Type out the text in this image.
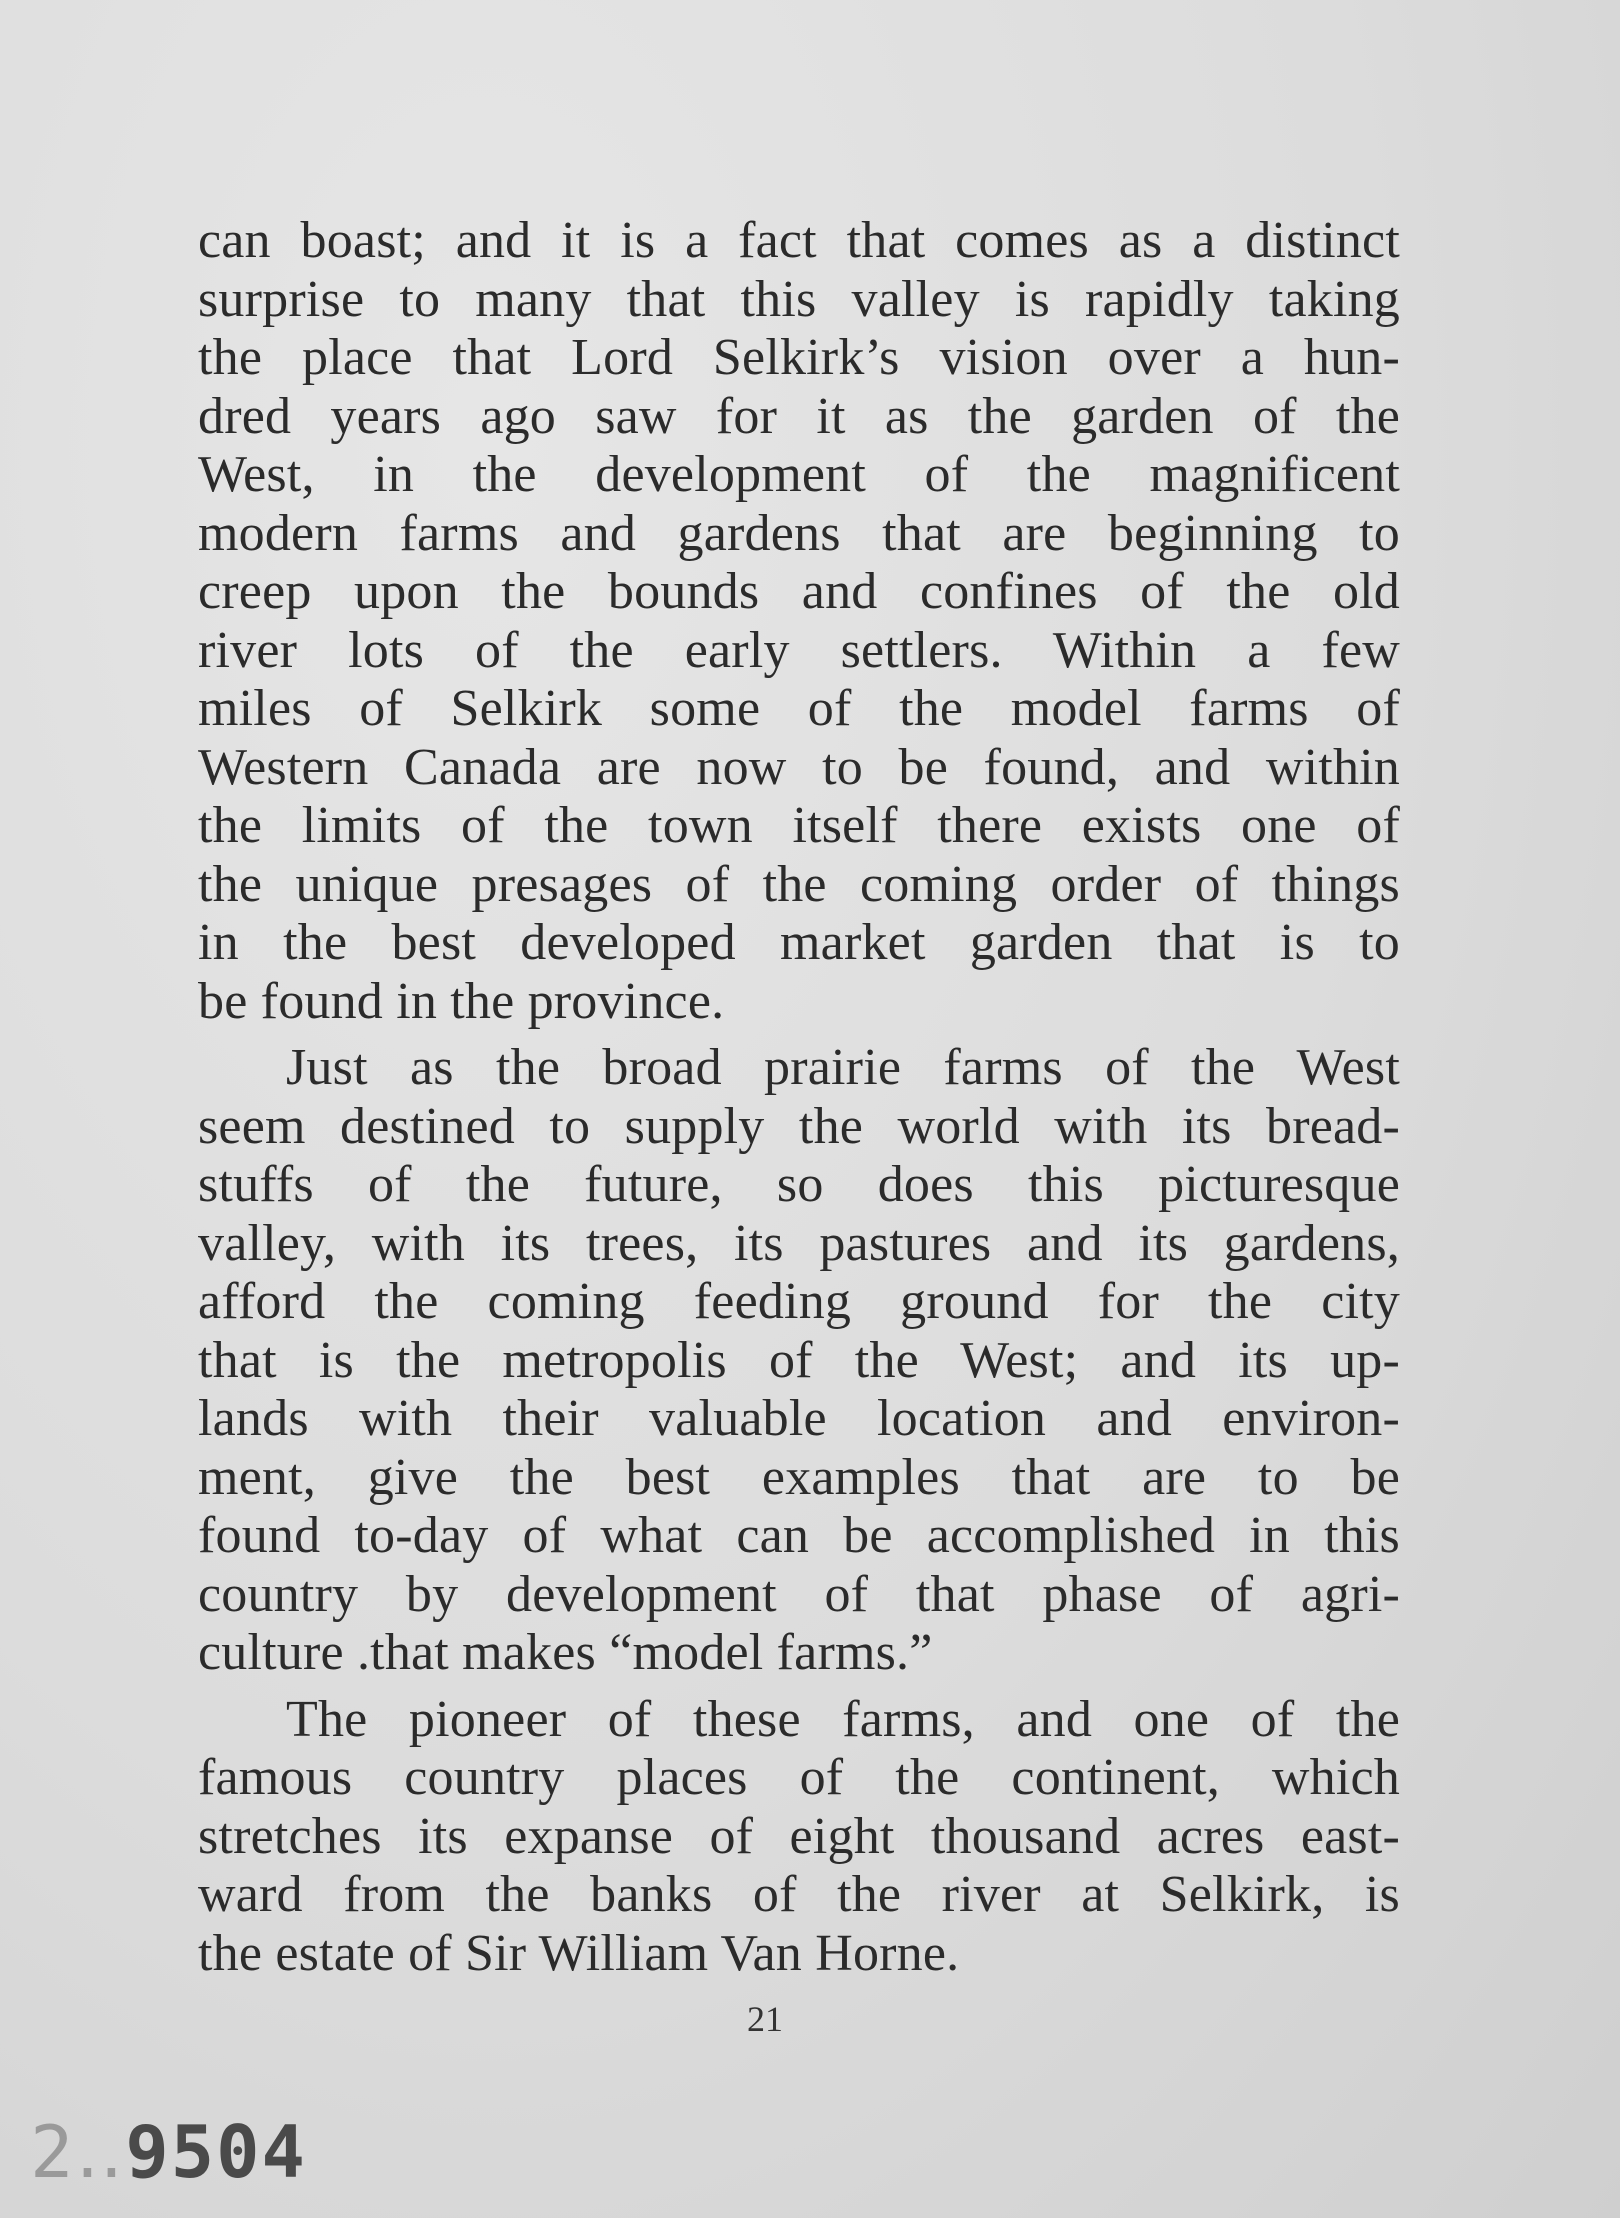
can boast; and it is a fact that comes as a distinct
surprise to many that this valley is rapidly taking
the place that Lord Selkirk’s vision over a hun-
dred years ago saw for it as the garden of the
West, in the development of the magnificent
modern farms and gardens that are beginning to
creep upon the bounds and confines of the old
river lots of the early settlers. Within a few
miles of Selkirk some of the model farms of
Western Canada are now to be found, and within
the limits of the town itself there exists one of
the unique presages of the coming order of things
in the best developed market garden that is to
be found in the province.
Just as the broad prairie farms of the West
seem destined to supply the world with its bread-
stuffs of the future, so does this picturesque
valley, with its trees, its pastures and its gardens,
afford the coming feeding ground for the city
that is the metropolis of the West; and its up-
lands with their valuable location and environ-
ment, give the best examples that are to be
found to-day of what can be accomplished in this
country by development of that phase of agri-
culture .that makes “model farms.”
The pioneer of these farms, and one of the
famous country places of the continent, which
stretches its expanse of eight thousand acres east-
ward from the banks of the river at Selkirk, is
the estate of Sir William Van Horne.
21
2‥9504
